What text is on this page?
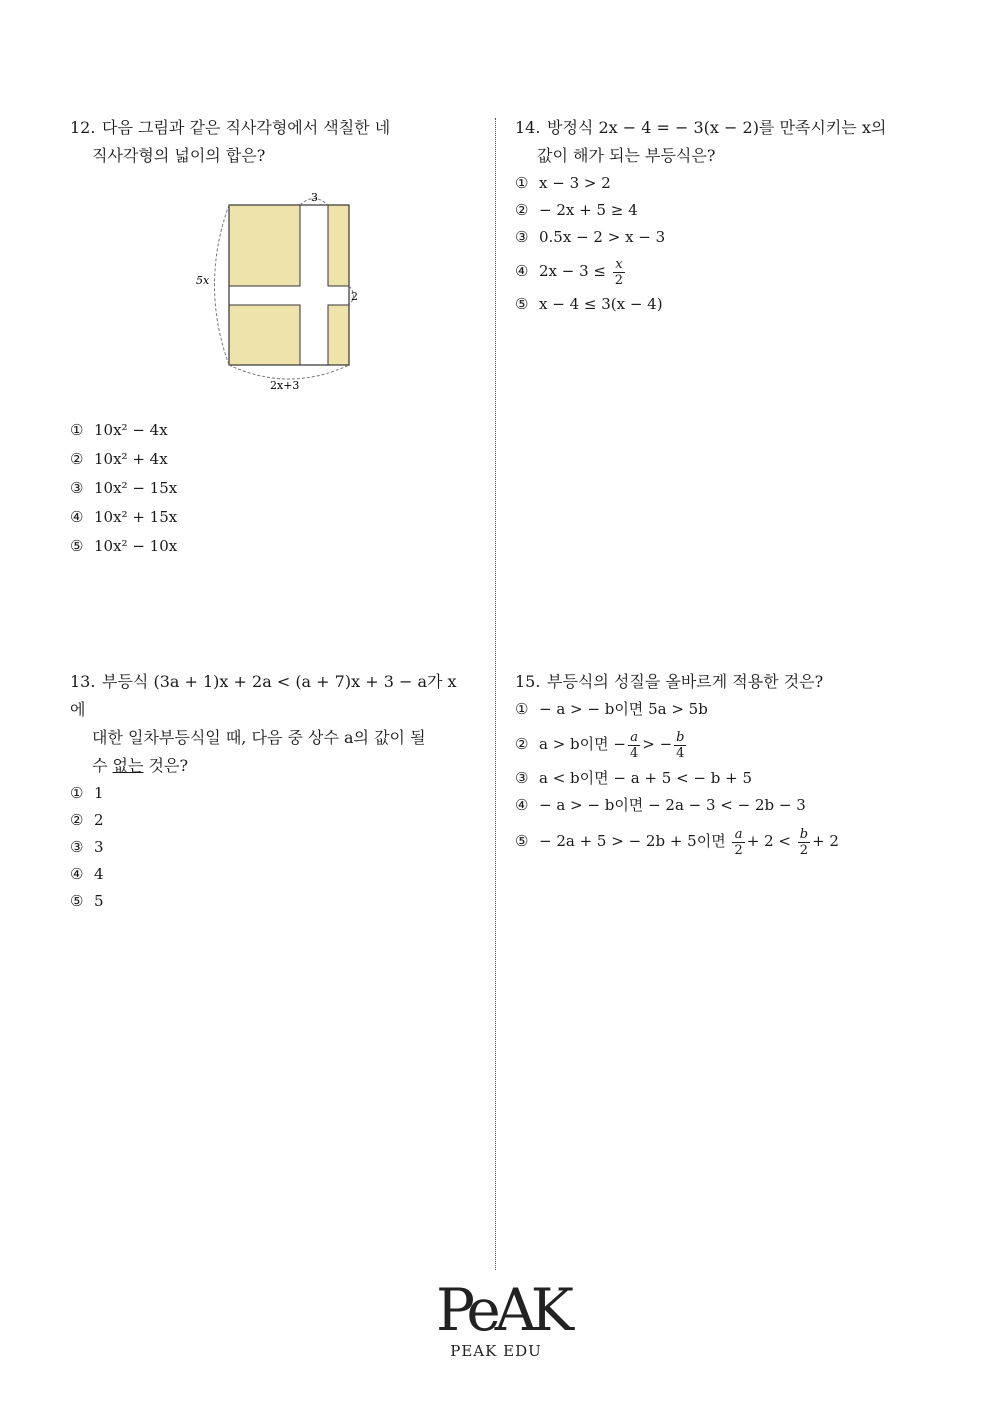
12. 다음 그림과 같은 직사각형에서 색칠한 네
직사각형의 넓이의 합은?

3
5x
2
2x+3
① 10x² − 4x
② 10x² + 4x
③ 10x² − 15x
④ 10x² + 15x
⑤ 10x² − 10x

14. 방정식 2x − 4 = − 3(x − 2)를 만족시키는 x의
값이 해가 되는 부등식은?

① x − 3 > 2
② − 2x + 5 ≥ 4
③ 0.5x − 2 > x − 3
④ $2x - 3 \le \frac{x}{2}$
⑤ x − 4 ≤ 3(x − 4)

13. 부등식 (3a + 1)x + 2a < (a + 7)x + 3 − a가 x에
대한 일차부등식일 때, 다음 중 상수 a의 값이 될
수 없는 것은?

① 1
② 2
③ 3
④ 4
⑤ 5

15. 부등식의 성질을 올바르게 적용한 것은?

① − a > − b이면 5a > 5b
② a > b이면 − $\frac{a}{4}$ > − $\frac{b}{4}$
③ a < b이면 − a + 5 < − b + 5
④ − a > − b이면 − 2a − 3 < − 2b − 3
⑤ − 2a + 5 > − 2b + 5이면 $\frac{a}{2} + 2 < \frac{b}{2} + 2$
PeAK
PEAK EDU
